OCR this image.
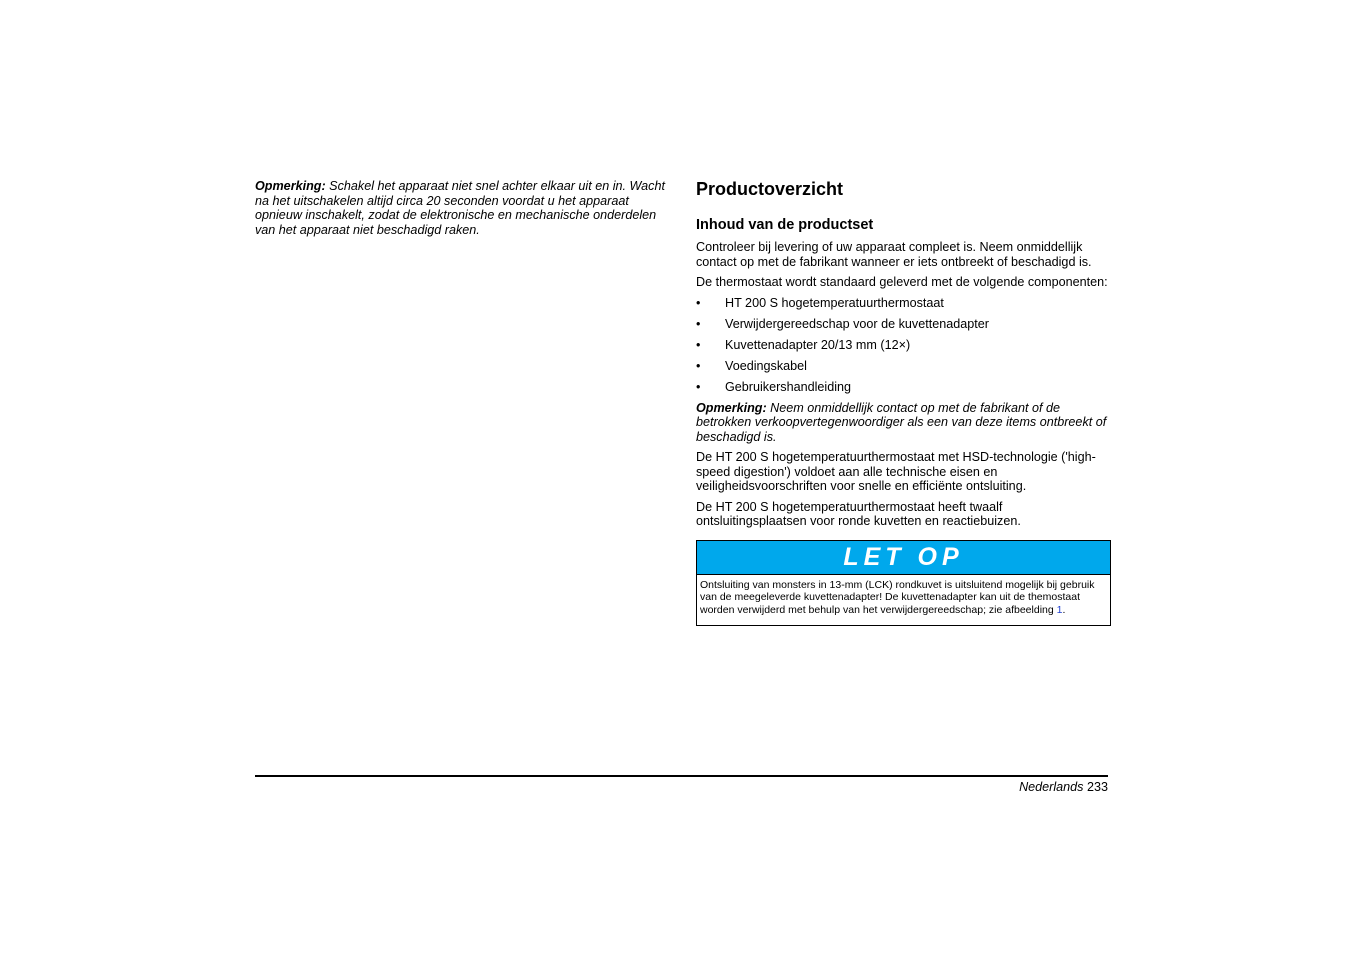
Opmerking: Schakel het apparaat niet snel achter elkaar uit en in. Wacht na het uitschakelen altijd circa 20 seconden voordat u het apparaat opnieuw inschakelt, zodat de elektronische en mechanische onderdelen van het apparaat niet beschadigd raken.

Productoverzicht
Inhoud van de productset

Controleer bij levering of uw apparaat compleet is. Neem onmiddellijk contact op met de fabrikant wanneer er iets ontbreekt of beschadigd is.

De thermostaat wordt standaard geleverd met de volgende componenten:

• HT 200 S hogetemperatuurthermostaat
• Verwijdergereedschap voor de kuvettenadapter
• Kuvettenadapter 20/13 mm (12×)
• Voedingskabel
• Gebruikershandleiding

Opmerking: Neem onmiddellijk contact op met de fabrikant of de betrokken verkoopvertegenwoordiger als een van deze items ontbreekt of beschadigd is.

De HT 200 S hogetemperatuurthermostaat met HSD-technologie ('high-speed digestion') voldoet aan alle technische eisen en veiligheidsvoorschriften voor snelle en efficiënte ontsluiting.

De HT 200 S hogetemperatuurthermostaat heeft twaalf ontsluitingsplaatsen voor ronde kuvetten en reactiebuizen.

LET OP
Ontsluiting van monsters in 13-mm (LCK) rondkuvet is uitsluitend mogelijk bij gebruik van de meegeleverde kuvettenadapter! De kuvettenadapter kan uit de themostaat worden verwijderd met behulp van het verwijdergereedschap; zie afbeelding 1.
Nederlands 233
